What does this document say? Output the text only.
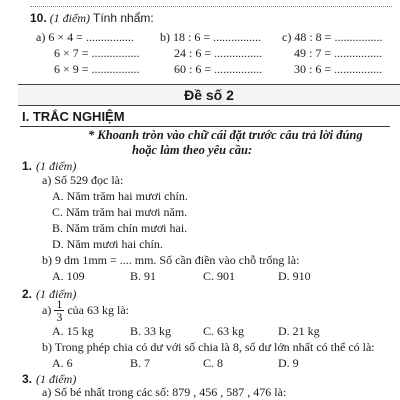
10. (1 điểm) Tính nhẩm:
a) 6 × 4 = ................ b) 18 : 6 = ................ c) 48 : 8 = ................
6 × 7 = ................	24 : 6 = ................	49 : 7 = ................
6 × 9 = ................	60 : 6 = ................	30 : 6 = ................
Đề số 2
I. TRẮC NGHIỆM
* Khoanh tròn vào chữ cái đặt trước câu trả lời đúng
hoặc làm theo yêu cầu:
1. (1 điểm)
a) Số 529 đọc là:
A. Năm trăm hai mươi chín.
C. Năm trăm hai mươi năm.
B. Năm trăm chín mươi hai.
D. Năm mươi hai chín.
b) 9 dm 1mm = .... mm. Số cần điền vào chỗ trống là:
A. 109	B. 91	C. 901	D. 910
2. (1 điểm)
$a) \frac{1}{3}$ của 63 kg là:
A. 15 kg	B. 33 kg	C. 63 kg	D. 21 kg
b) Trong phép chia có dư với số chia là 8, số dư lớn nhất có thể có là:
A. 6	B. 7	C. 8	D. 9
3. (1 điểm)
a) Số bé nhất trong các số: 879 , 456 , 587 , 476 là:
